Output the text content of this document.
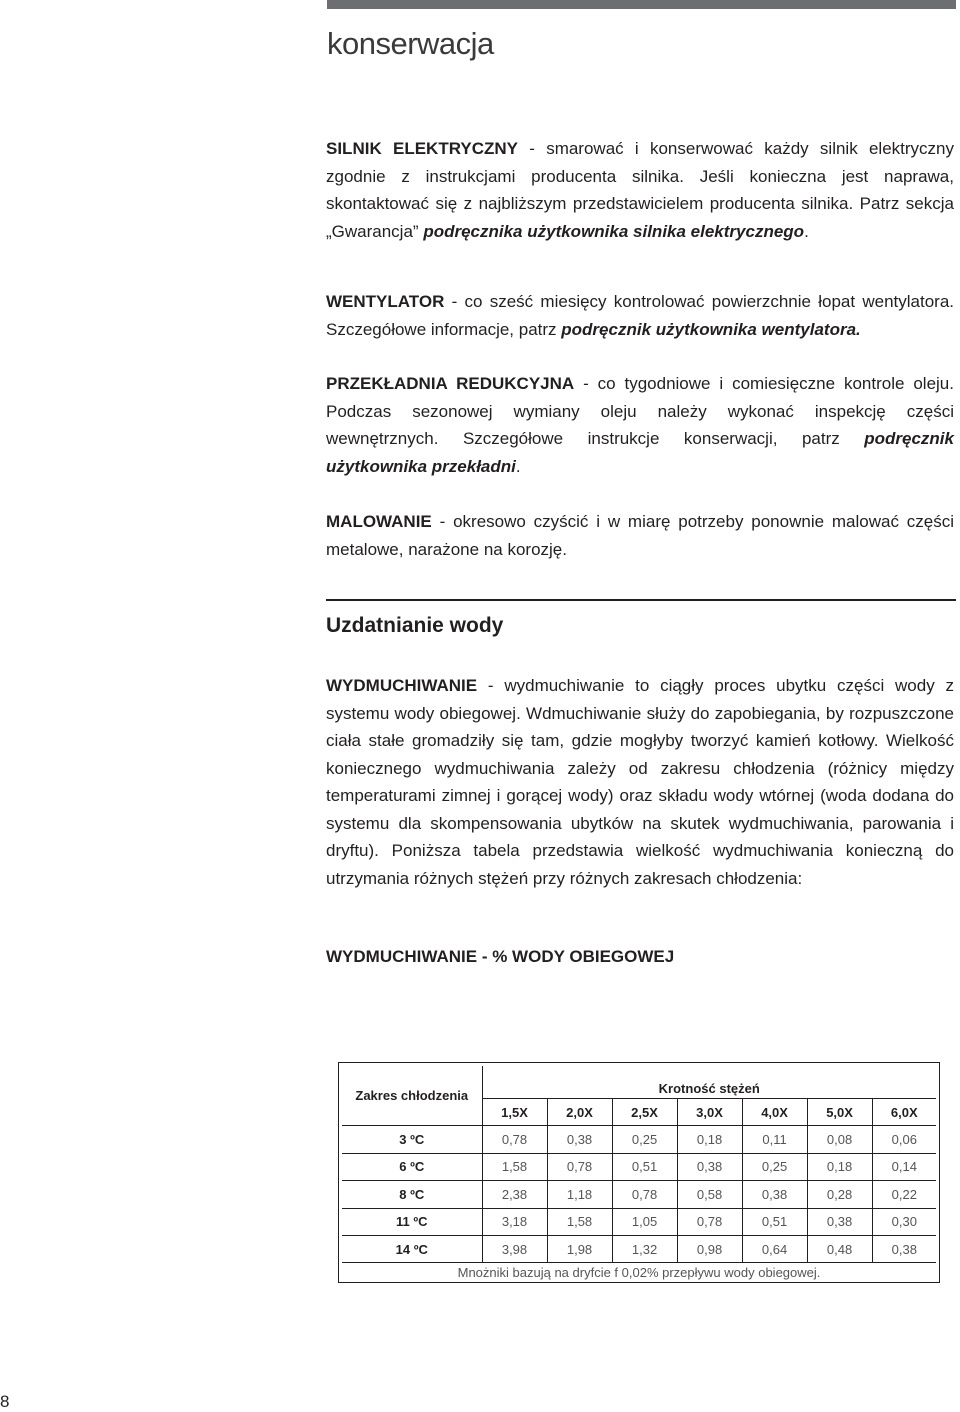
konserwacja

SILNIK ELEKTRYCZNY - smarować i konserwować każdy silnik elektryczny zgodnie z instrukcjami producenta silnika. Jeśli konieczna jest naprawa, skontaktować się z najbliższym przedstawicielem producenta silnika. Patrz sekcja „Gwarancja” podręcznika użytkownika silnika elektrycznego.

WENTYLATOR - co sześć miesięcy kontrolować powierzchnie łopat wentylatora. Szczegółowe informacje, patrz podręcznik użytkownika wentylatora.

PRZEKŁADNIA REDUKCYJNA - co tygodniowe i comiesięczne kontrole oleju. Podczas sezonowej wymiany oleju należy wykonać inspekcję części wewnętrznych. Szczegółowe instrukcje konserwacji, patrz podręcznik użytkownika przekładni.

MALOWANIE - okresowo czyścić i w miarę potrzeby ponownie malować części metalowe, narażone na korozję.

Uzdatnianie wody

WYDMUCHIWANIE - wydmuchiwanie to ciągły proces ubytku części wody z systemu wody obiegowej. Wdmuchiwanie służy do zapobiegania, by rozpuszczone ciała stałe gromadziły się tam, gdzie mogłyby tworzyć kamień kotłowy. Wielkość koniecznego wydmuchiwania zależy od zakresu chłodzenia (różnicy między temperaturami zimnej i gorącej wody) oraz składu wody wtórnej (woda dodana do systemu dla skompensowania ubytków na skutek wydmuchiwania, parowania i dryftu). Poniższa tabela przedstawia wielkość wydmuchiwania konieczną do utrzymania różnych stężeń przy różnych zakresach chłodzenia:

WYDMUCHIWANIE - % WODY OBIEGOWEJ
Zakres chłodzenia	Krotność stężeń						
	1,5X	2,0X	2,5X	3,0X	4,0X	5,0X	6,0X
3 ºC	0,78	0,38	0,25	0,18	0,11	0,08	0,06
6 ºC	1,58	0,78	0,51	0,38	0,25	0,18	0,14
8 ºC	2,38	1,18	0,78	0,58	0,38	0,28	0,22
11 ºC	3,18	1,58	1,05	0,78	0,51	0,38	0,30
14 ºC	3,98	1,98	1,32	0,98	0,64	0,48	0,38
Mnożniki bazują na dryfcie f 0,02% przepływu wody obiegowej.
8
